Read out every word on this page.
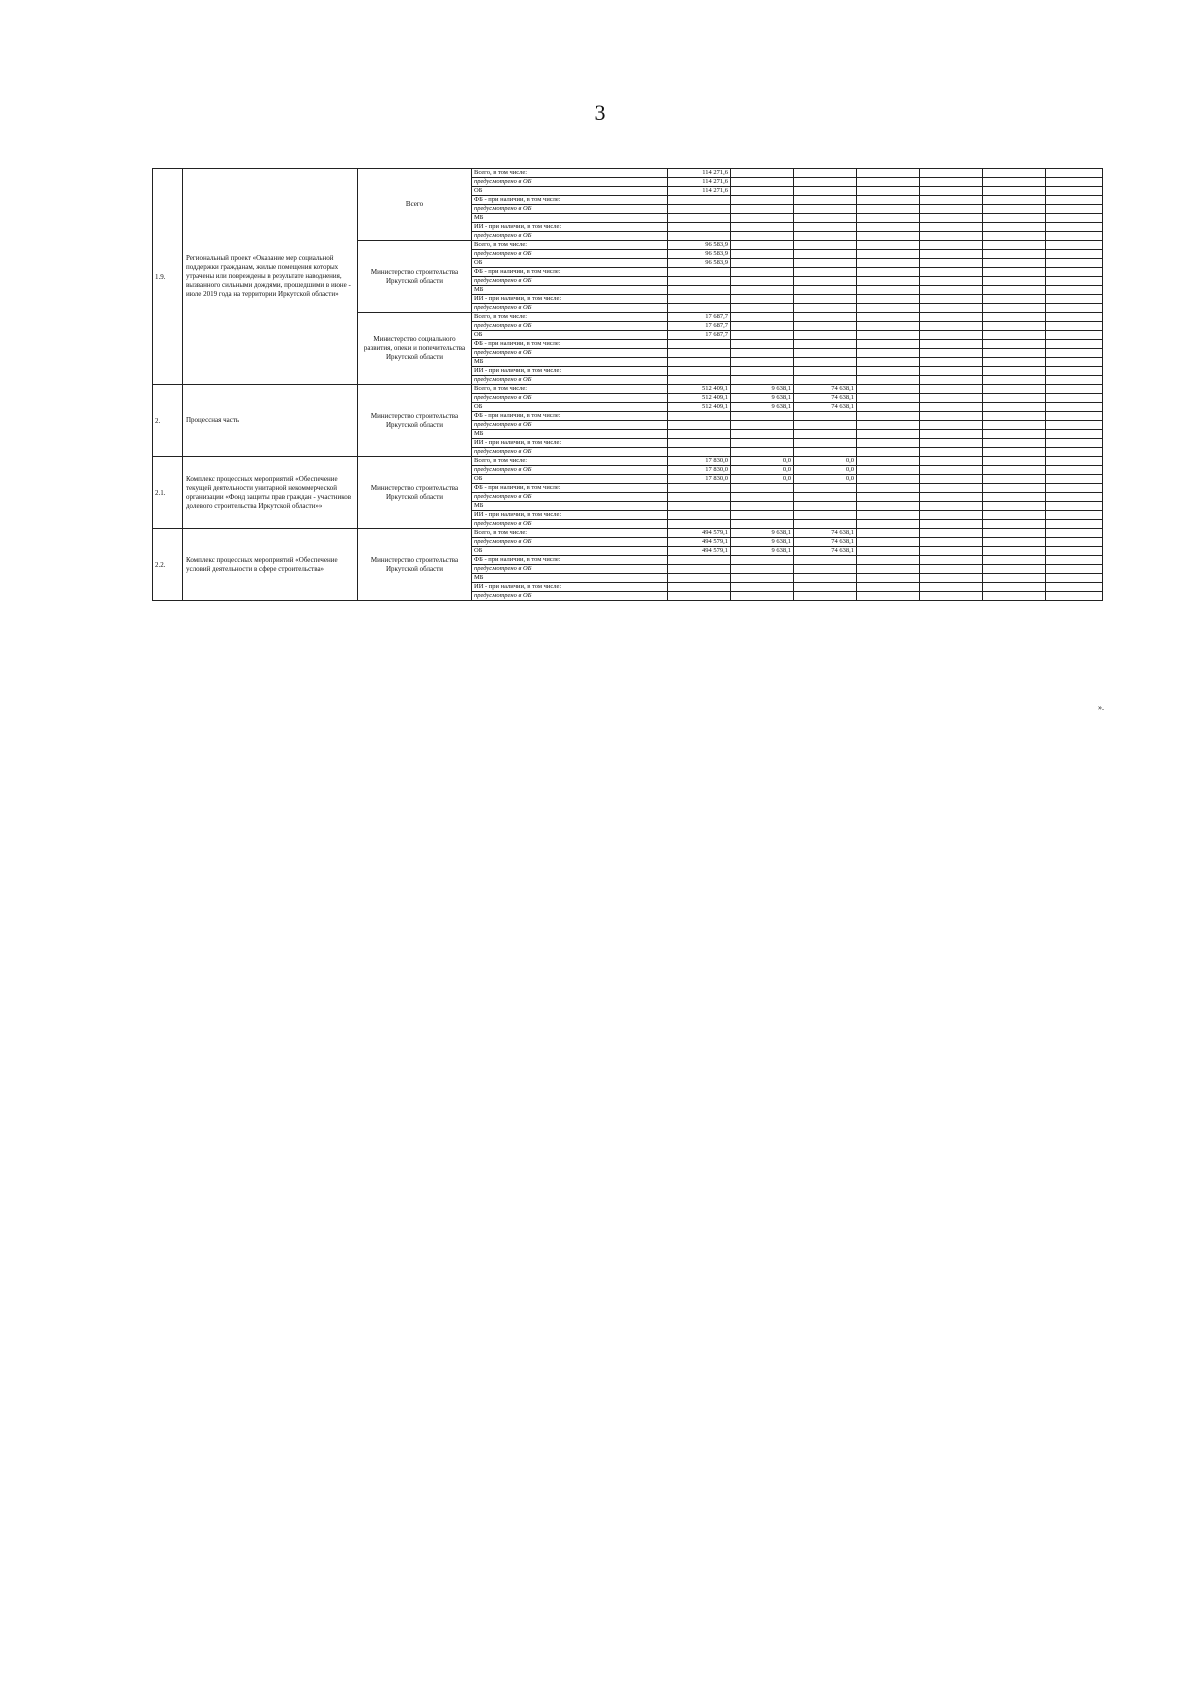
3
1.9.	Региональный проект «Оказание мер социальной поддержки гражданам, жилые помещения которых утрачены или повреждены в результате наводнения, вызванного сильными дождями, прошедшими в июне - июле 2019 года на территории Иркутской области»	Всего	Всего, в том числе:	114 271,6						
			предусмотрено в ОБ	114 271,6						
			ОБ	114 271,6						
			ФБ - при наличии, в том числе:							
			предусмотрено в ОБ							
			МБ							
			ИИ - при наличии, в том числе:							
			предусмотрено в ОБ							
		Министерство строительства Иркутской области	Всего, в том числе:	96 583,9						
			предусмотрено в ОБ	96 583,9						
			ОБ	96 583,9						
			ФБ - при наличии, в том числе:							
			предусмотрено в ОБ							
			МБ							
			ИИ - при наличии, в том числе:							
			предусмотрено в ОБ							
		Министерство социального развития, опеки и попечительства Иркутской области	Всего, в том числе:	17 687,7						
			предусмотрено в ОБ	17 687,7						
			ОБ	17 687,7						
			ФБ - при наличии, в том числе:							
			предусмотрено в ОБ							
			МБ							
			ИИ - при наличии, в том числе:							
			предусмотрено в ОБ							
2.	Процессная часть	Министерство строительства Иркутской области	Всего, в том числе:	512 409,1	9 638,1	74 638,1				
			предусмотрено в ОБ	512 409,1	9 638,1	74 638,1				
			ОБ	512 409,1	9 638,1	74 638,1				
			ФБ - при наличии, в том числе:							
			предусмотрено в ОБ							
			МБ							
			ИИ - при наличии, в том числе:							
			предусмотрено в ОБ							
2.1.	Комплекс процессных мероприятий «Обеспечение текущей деятельности унитарной некоммерческой организации «Фонд защиты прав граждан - участников долевого строительства Иркутской области»»	Министерство строительства Иркутской области	Всего, в том числе:	17 830,0	0,0	0,0				
			предусмотрено в ОБ	17 830,0	0,0	0,0				
			ОБ	17 830,0	0,0	0,0				
			ФБ - при наличии, в том числе:							
			предусмотрено в ОБ							
			МБ							
			ИИ - при наличии, в том числе:							
			предусмотрено в ОБ							
2.2.	Комплекс процессных мероприятий «Обеспечение условий деятельности в сфере строительства»	Министерство строительства Иркутской области	Всего, в том числе:	494 579,1	9 638,1	74 638,1				
			предусмотрено в ОБ	494 579,1	9 638,1	74 638,1				
			ОБ	494 579,1	9 638,1	74 638,1				
			ФБ - при наличии, в том числе:							
			предусмотрено в ОБ							
			МБ							
			ИИ - при наличии, в том числе:							
			предусмотрено в ОБ							
».
